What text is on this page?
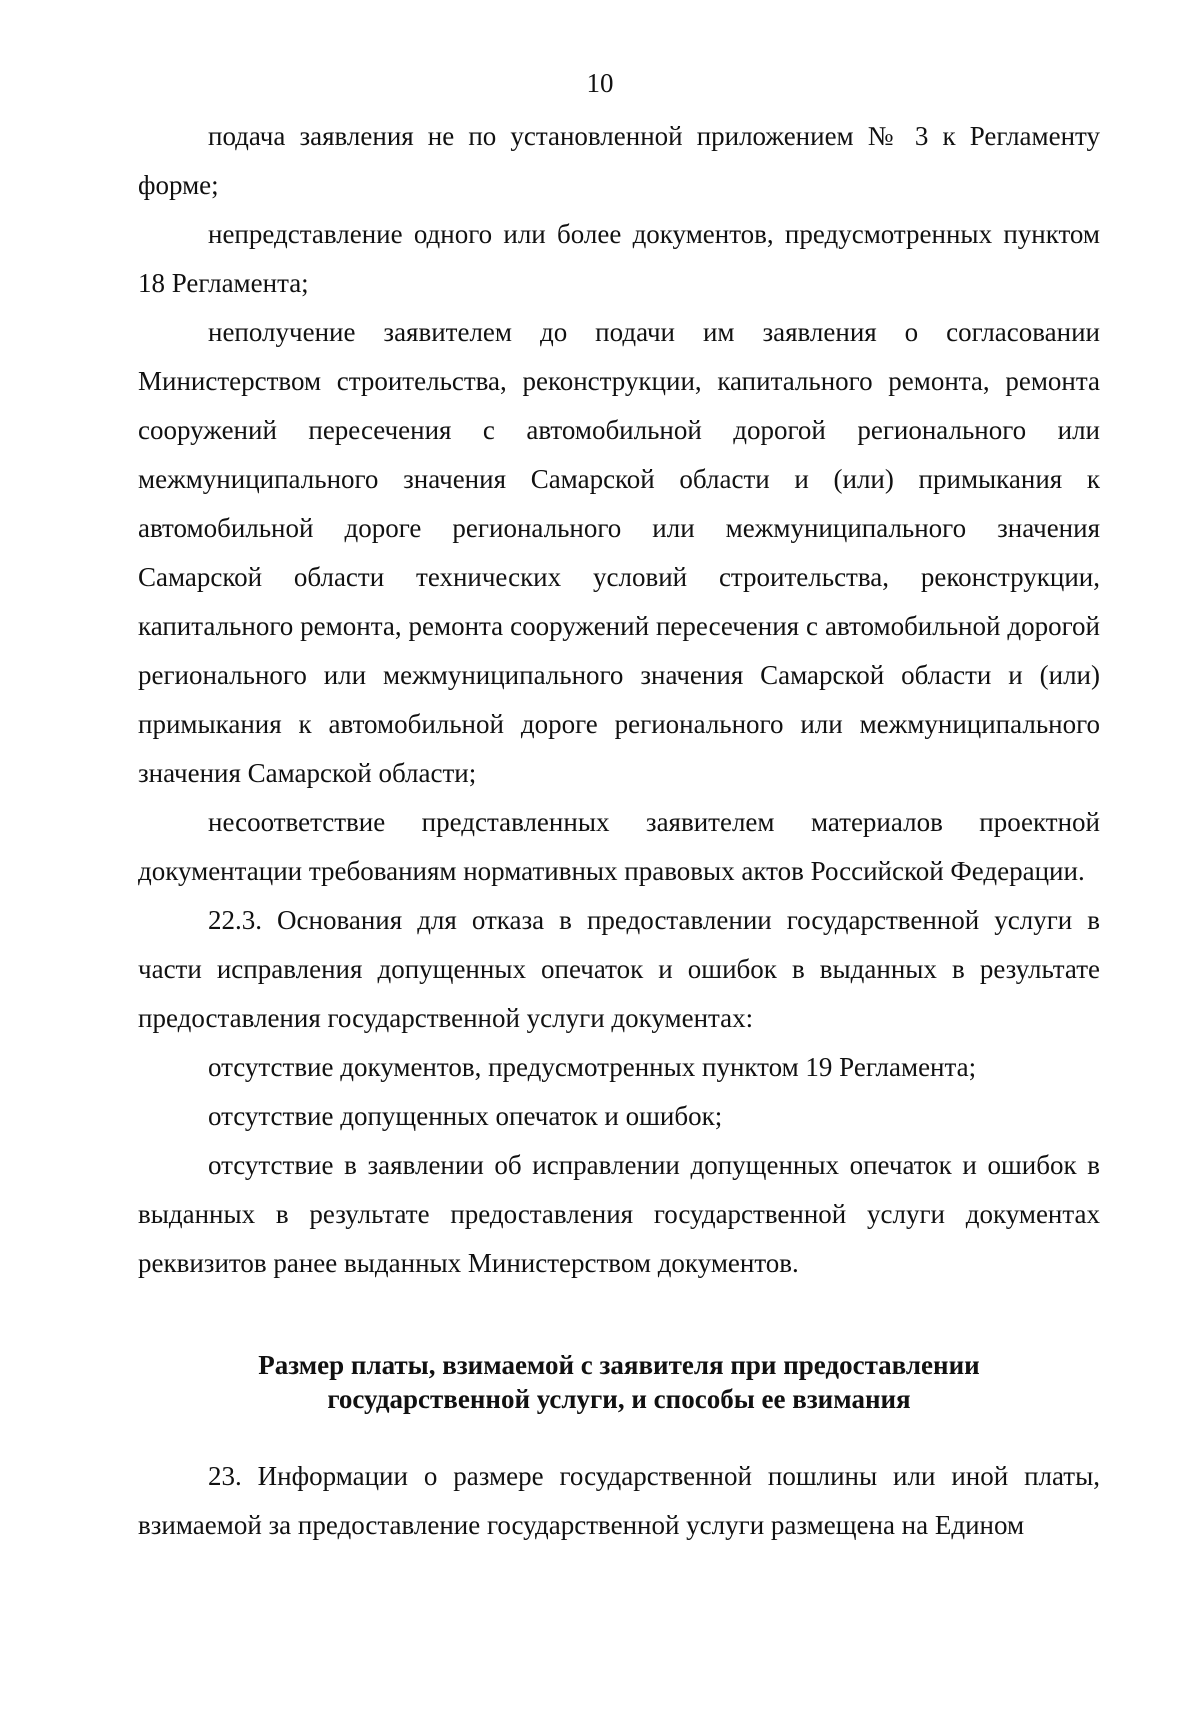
10

подача заявления не по установленной приложением № 3 к Регламенту форме;

непредставление одного или более документов, предусмотренных пунктом 18 Регламента;

неполучение заявителем до подачи им заявления о согласовании Министерством строительства, реконструкции, капитального ремонта, ремонта сооружений пересечения с автомобильной дорогой регионального или межмуниципального значения Самарской области и (или) примыкания к автомобильной дороге регионального или межмуниципального значения Самарской области технических условий строительства, реконструкции, капитального ремонта, ремонта сооружений пересечения с автомобильной дорогой регионального или межмуниципального значения Самарской области и (или) примыкания к автомобильной дороге регионального или межмуниципального значения Самарской области;

несоответствие представленных заявителем материалов проектной документации требованиям нормативных правовых актов Российской Федерации.

22.3. Основания для отказа в предоставлении государственной услуги в части исправления допущенных опечаток и ошибок в выданных в результате предоставления государственной услуги документах:

отсутствие документов, предусмотренных пунктом 19 Регламента;

отсутствие допущенных опечаток и ошибок;

отсутствие в заявлении об исправлении допущенных опечаток и ошибок в выданных в результате предоставления государственной услуги документах реквизитов ранее выданных Министерством документов.

Размер платы, взимаемой с заявителя при предоставлении
государственной услуги, и способы ее взимания

23. Информации о размере государственной пошлины или иной платы, взимаемой за предоставление государственной услуги размещена на Едином
